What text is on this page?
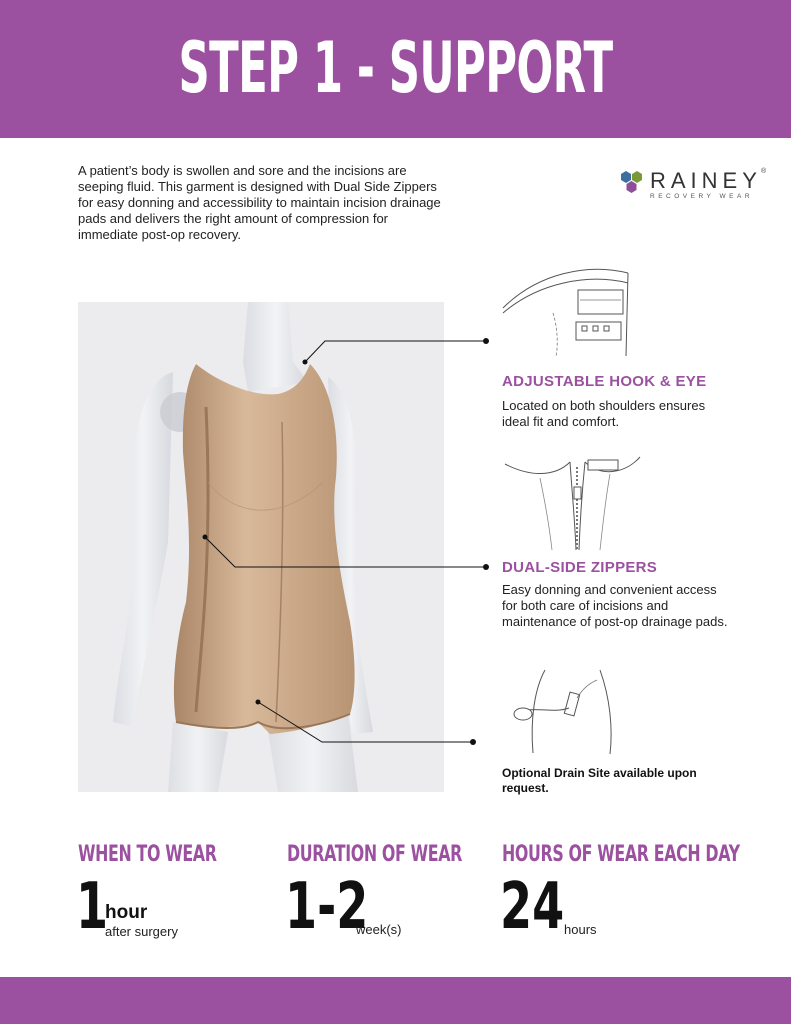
STEP 1 - SUPPORT
A patient’s body is swollen and sore and the incisions are seeping fluid. This garment is designed with Dual Side Zippers for easy donning and accessibility to maintain incision drainage pads and delivers the right amount of compression for immediate post-op recovery.
RAINEY ®
RECOVERY WEAR
ADJUSTABLE HOOK & EYE
Located on both shoulders ensures ideal fit and comfort.
DUAL-SIDE ZIPPERS
Easy donning and convenient access for both care of incisions and maintenance of post-op drainage pads.
Optional Drain Site available upon request.
WHEN TO WEAR
1
hour
after surgery
DURATION OF WEAR
1-2
week(s)
HOURS OF WEAR EACH DAY
24 hours
